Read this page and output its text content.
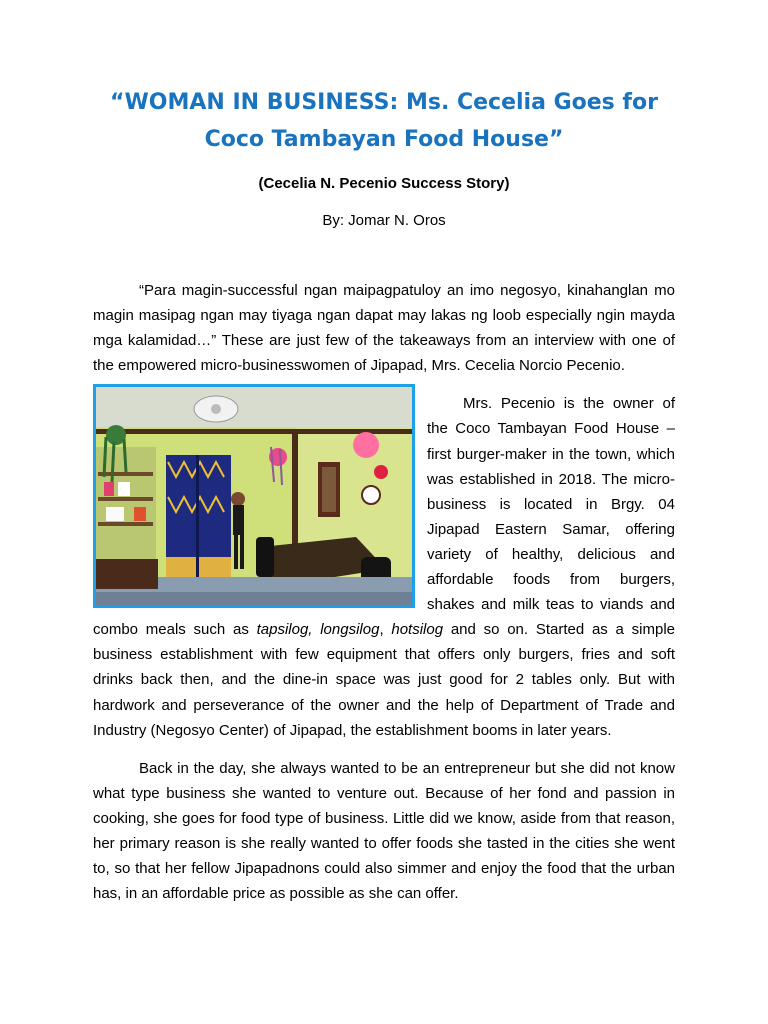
“WOMAN IN BUSINESS: Ms. Cecelia Goes for Coco Tambayan Food House”

(Cecelia N. Pecenio Success Story)

By: Jomar N. Oros

“Para magin-successful ngan maipagpatuloy an imo negosyo, kinahanglan mo magin masipag ngan may tiyaga ngan dapat may lakas ng loob especially ngin mayda mga kalamidad…” These are just few of the takeaways from an interview with one of the empowered micro-businesswomen of Jipapad, Mrs. Cecelia Norcio Pecenio.

Mrs. Pecenio is the owner of the Coco Tambayan Food House – first burger-maker in the town, which was established in 2018. The micro-business is located in Brgy. 04 Jipapad Eastern Samar, offering variety of healthy, delicious and affordable foods from burgers, shakes and milk teas to viands and combo meals such as tapsilog, longsilog, hotsilog and so on. Started as a simple business establishment with few equipment that offers only burgers, fries and soft drinks back then, and the dine-in space was just good for 2 tables only. But with hardwork and perseverance of the owner and the help of Department of Trade and Industry (Negosyo Center) of Jipapad, the establishment booms in later years.

Back in the day, she always wanted to be an entrepreneur but she did not know what type business she wanted to venture out. Because of her fond and passion in cooking, she goes for food type of business. Little did we know, aside from that reason, her primary reason is she really wanted to offer foods she tasted in the cities she went to, so that her fellow Jipapadnons could also simmer and enjoy the food that the urban has, in an affordable price as possible as she can offer.
